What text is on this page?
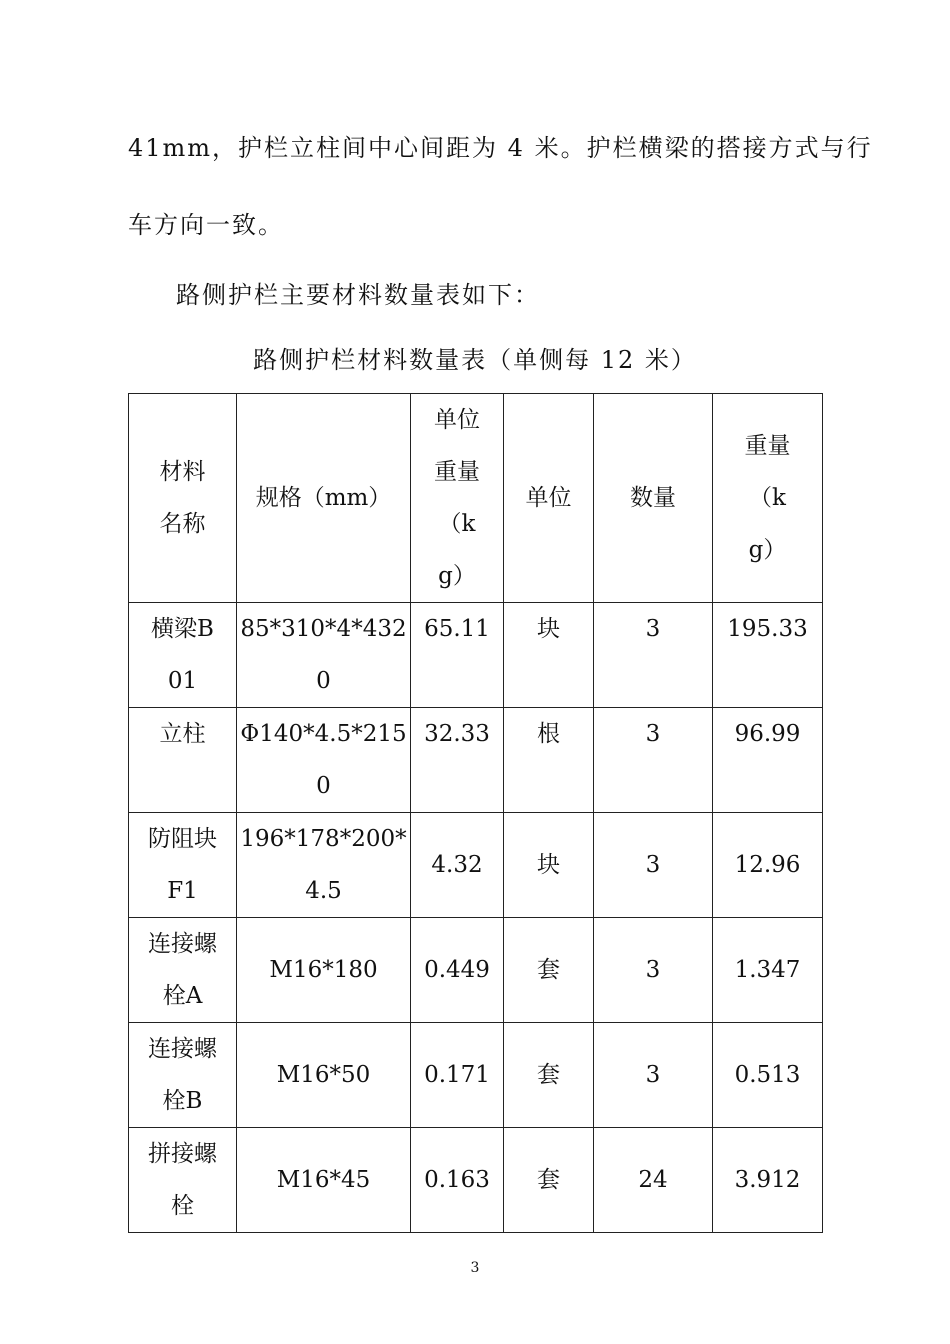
41mm，护栏立柱间中心间距为 4 米。护栏横梁的搭接方式与行

车方向一致。

路侧护栏主要材料数量表如下：

路侧护栏材料数量表（单侧每 12 米）

材料名称	规格（mm）	单位重量（kg）	单位	数量	重量（kg）
横梁B01	85*310*4*4320	65.11	块	3	195.33
立柱	Φ140*4.5*2150	32.33	根	3	96.99
防阻块F1	196*178*200*4.5	4.32	块	3	12.96
连接螺栓A	M16*180	0.449	套	3	1.347
连接螺栓B	M16*50	0.171	套	3	0.513
拼接螺栓	M16*45	0.163	套	24	3.912
3
